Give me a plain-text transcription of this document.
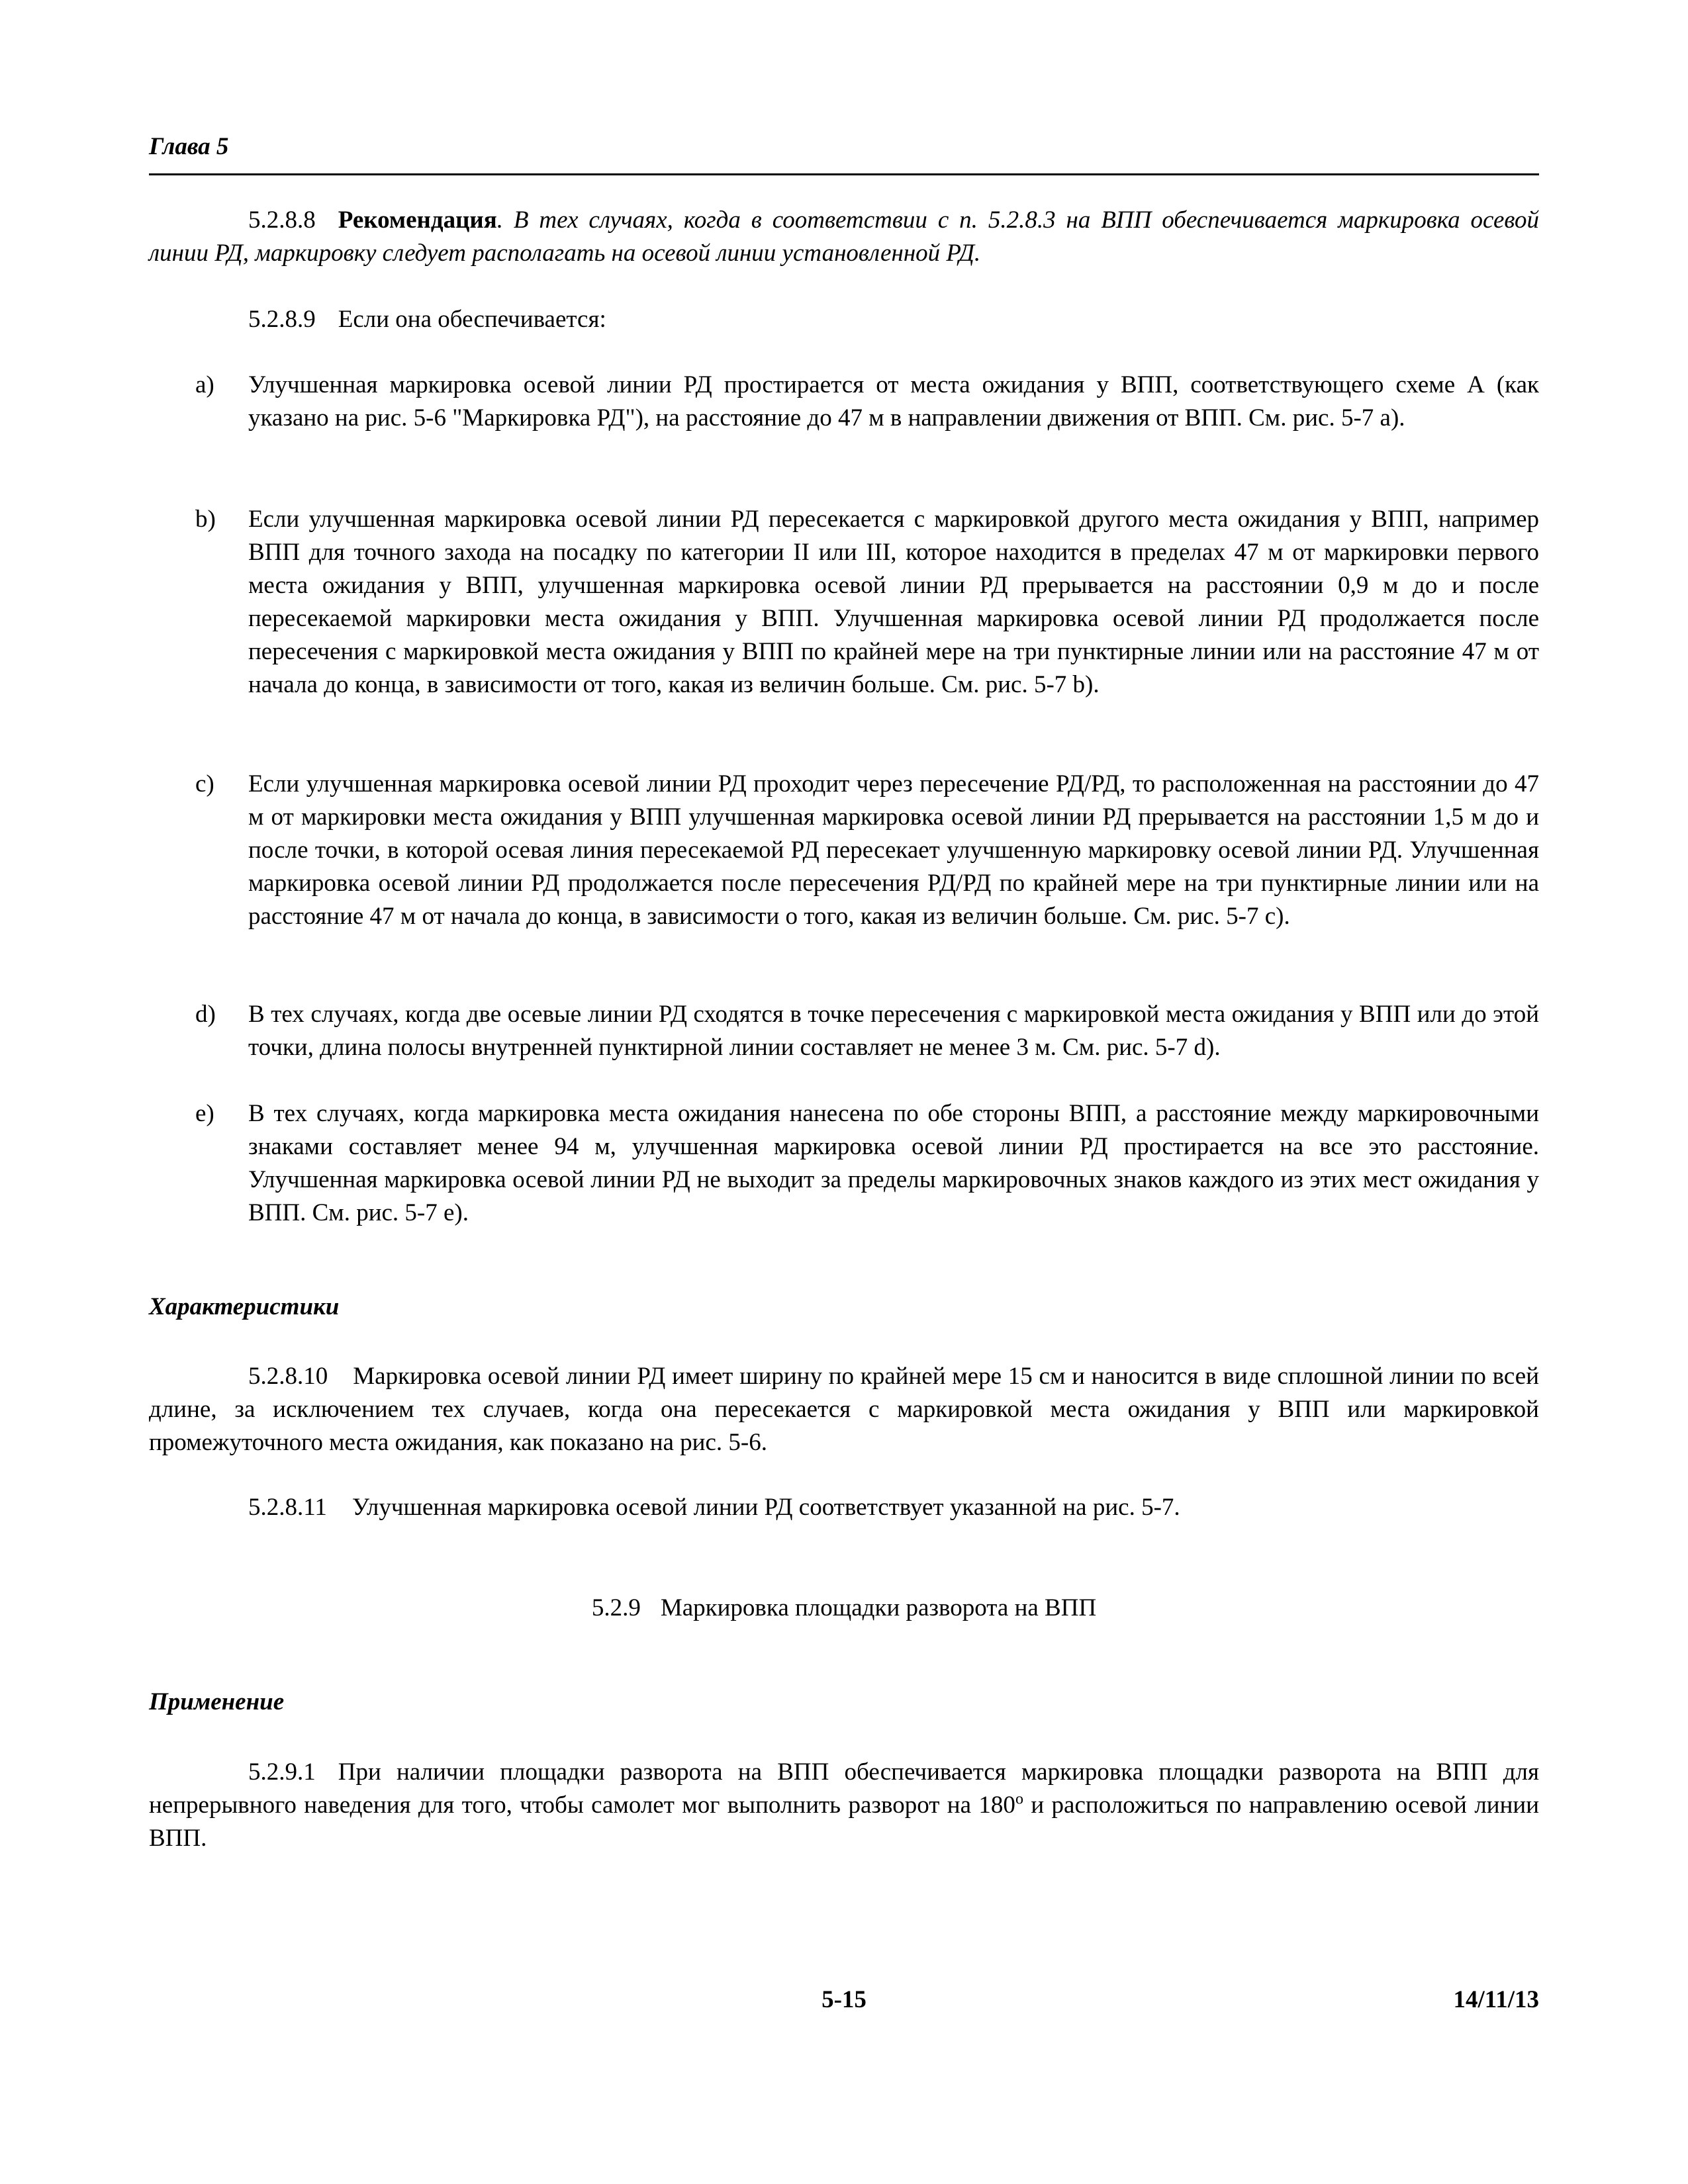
Глава 5
5.2.8.8 Рекомендация. В тех случаях, когда в соответствии с п. 5.2.8.3 на ВПП обеспечивается маркировка осевой линии РД, маркировку следует располагать на осевой линии установленной РД.
5.2.8.9 Если она обеспечивается:
a)	Улучшенная маркировка осевой линии РД простирается от места ожидания у ВПП, соответствующего схеме А (как указано на рис. 5-6 "Маркировка РД"), на расстояние до 47 м в направлении движения от ВПП. См. рис. 5-7 a).
b)	Если улучшенная маркировка осевой линии РД пересекается с маркировкой другого места ожидания у ВПП, например ВПП для точного захода на посадку по категории II или III, которое находится в пределах 47 м от маркировки первого места ожидания у ВПП, улучшенная маркировка осевой линии РД прерывается на расстоянии 0,9 м до и после пересекаемой маркировки места ожидания у ВПП. Улучшенная маркировка осевой линии РД продолжается после пересечения с маркировкой места ожидания у ВПП по крайней мере на три пунктирные линии или на расстояние 47 м от начала до конца, в зависимости от того, какая из величин больше. См. рис. 5-7 b).
c)	Если улучшенная маркировка осевой линии РД проходит через пересечение РД/РД, то расположенная на расстоянии до 47 м от маркировки места ожидания у ВПП улучшенная маркировка осевой линии РД прерывается на расстоянии 1,5 м до и после точки, в которой осевая линия пересекаемой РД пересекает улучшенную маркировку осевой линии РД. Улучшенная маркировка осевой линии РД продолжается после пересечения РД/РД по крайней мере на три пунктирные линии или на расстояние 47 м от начала до конца, в зависимости о того, какая из величин больше. См. рис. 5-7 c).
d)	В тех случаях, когда две осевые линии РД сходятся в точке пересечения с маркировкой места ожидания у ВПП или до этой точки, длина полосы внутренней пунктирной линии составляет не менее 3 м. См. рис. 5-7 d).
e)	В тех случаях, когда маркировка места ожидания нанесена по обе стороны ВПП, а расстояние между маркировочными знаками составляет менее 94 м, улучшенная маркировка осевой линии РД простирается на все это расстояние. Улучшенная маркировка осевой линии РД не выходит за пределы маркировочных знаков каждого из этих мест ожидания у ВПП. См. рис. 5-7 e).
Характеристики
5.2.8.10 Маркировка осевой линии РД имеет ширину по крайней мере 15 см и наносится в виде сплошной линии по всей длине, за исключением тех случаев, когда она пересекается с маркировкой места ожидания у ВПП или маркировкой промежуточного места ожидания, как показано на рис. 5-6.
5.2.8.11 Улучшенная маркировка осевой линии РД соответствует указанной на рис. 5-7.
5.2.9 Маркировка площадки разворота на ВПП
Применение
5.2.9.1 При наличии площадки разворота на ВПП обеспечивается маркировка площадки разворота на ВПП для непрерывного наведения для того, чтобы самолет мог выполнить разворот на 180$^o$ и расположиться по направлению осевой линии ВПП.
5-15	14/11/13
